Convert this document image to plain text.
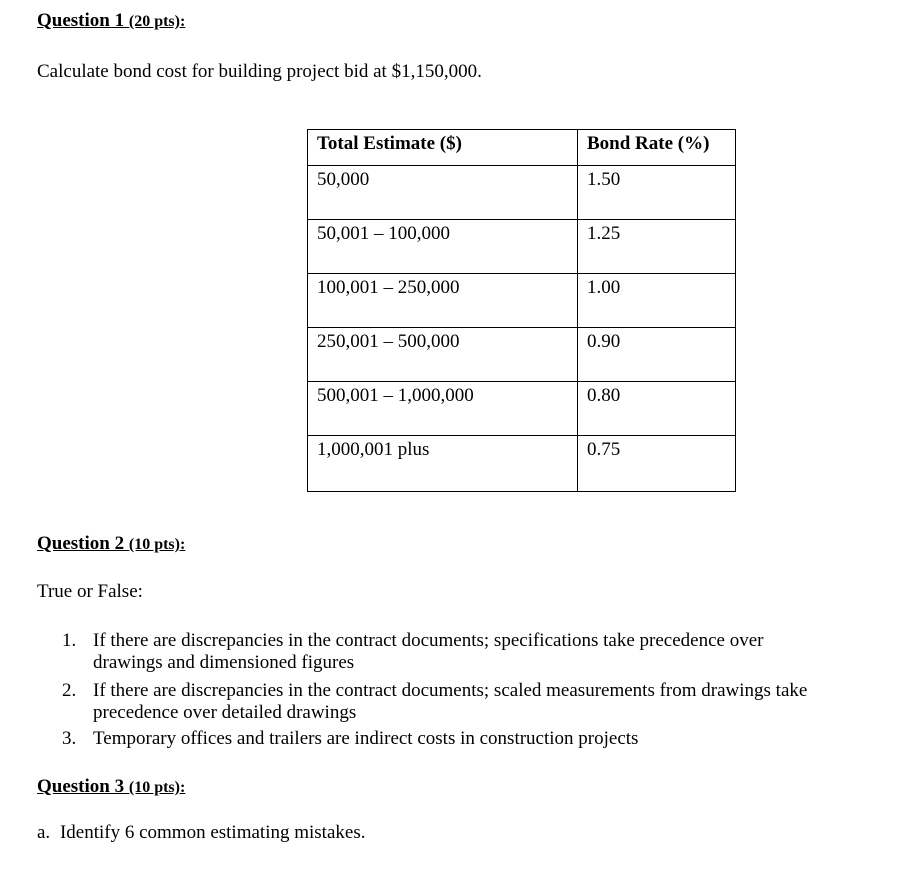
Question 1 (20 pts):
Calculate bond cost for building project bid at $1,150,000.
Total Estimate ($)	Bond Rate (%)
50,000	1.50
50,001 – 100,000	1.25
100,001 – 250,000	1.00
250,001 – 500,000	0.90
500,001 – 1,000,000	0.80
1,000,001 plus	0.75
Question 2 (10 pts):
True or False:
1. If there are discrepancies in the contract documents; specifications take precedence over
drawings and dimensioned figures
2. If there are discrepancies in the contract documents; scaled measurements from drawings take
precedence over detailed drawings
3. Temporary offices and trailers are indirect costs in construction projects
Question 3 (10 pts):
a. Identify 6 common estimating mistakes.
